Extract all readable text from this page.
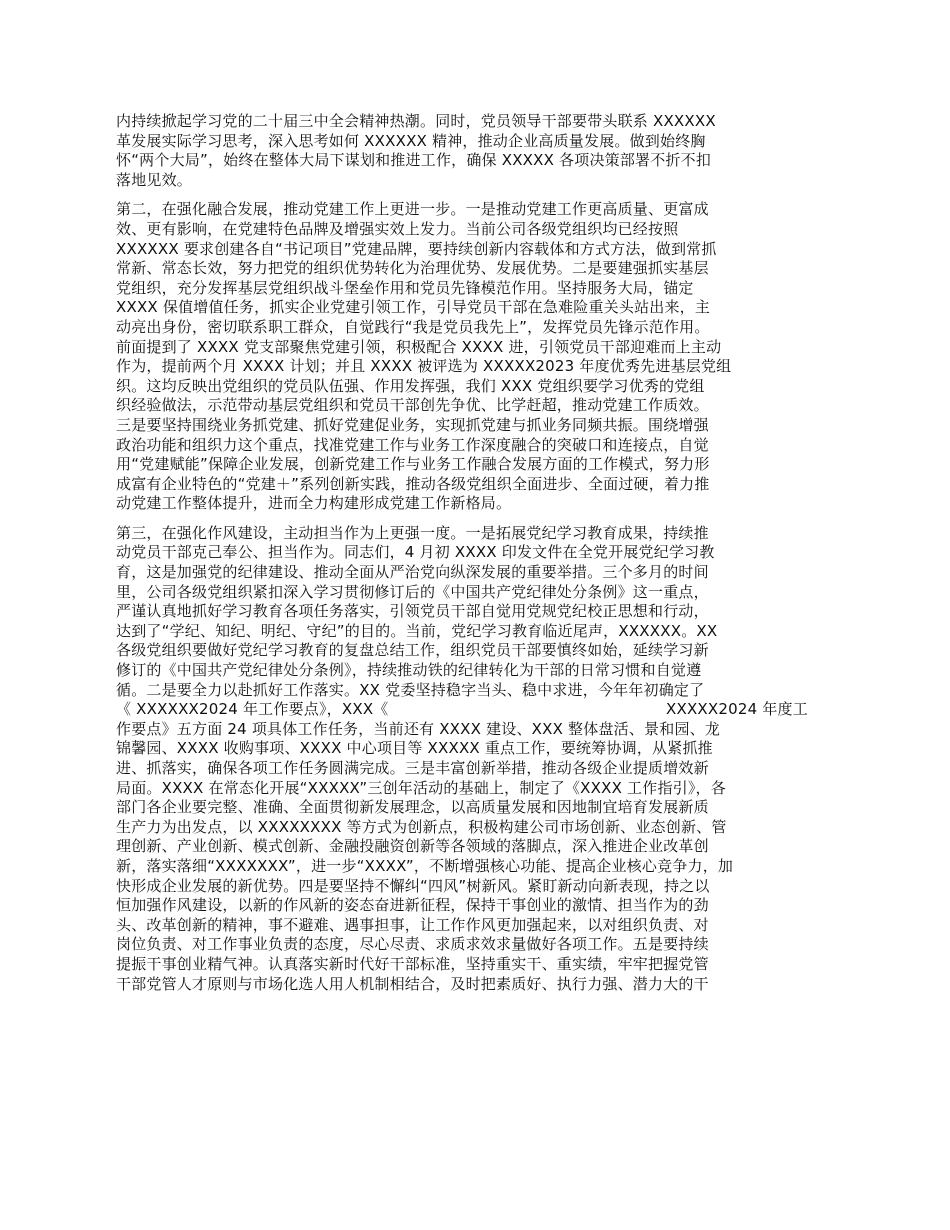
内持续掀起学习党的二十届三中全会精神热潮。同时，党员领导干部要带头联系 XXXXXX
革发展实际学习思考，深入思考如何 XXXXXX 精神，推动企业高质量发展。做到始终胸
怀“两个大局”，始终在整体大局下谋划和推进工作，确保 XXXXX 各项决策部署不折不扣
落地见效。
第二，在强化融合发展，推动党建工作上更进一步。一是推动党建工作更高质量、更富成
效、更有影响，在党建特色品牌及增强实效上发力。当前公司各级党组织均已经按照
XXXXXX 要求创建各自“书记项目”党建品牌，要持续创新内容载体和方式方法，做到常抓
常新、常态长效，努力把党的组织优势转化为治理优势、发展优势。二是要建强抓实基层
党组织，充分发挥基层党组织战斗堡垒作用和党员先锋模范作用。坚持服务大局，锚定
XXXX 保值增值任务，抓实企业党建引领工作，引导党员干部在急难险重关头站出来，主
动亮出身份，密切联系职工群众，自觉践行“我是党员我先上”，发挥党员先锋示范作用。
前面提到了 XXXX 党支部聚焦党建引领，积极配合 XXXX 进，引领党员干部迎难而上主动
作为，提前两个月 XXXX 计划；并且 XXXX 被评选为 XXXXX2023 年度优秀先进基层党组
织。这均反映出党组织的党员队伍强、作用发挥强，我们 XXX 党组织要学习优秀的党组
织经验做法，示范带动基层党组织和党员干部创先争优、比学赶超，推动党建工作质效。
三是要坚持围绕业务抓党建、抓好党建促业务，实现抓党建与抓业务同频共振。围绕增强
政治功能和组织力这个重点，找准党建工作与业务工作深度融合的突破口和连接点，自觉
用“党建赋能”保障企业发展，创新党建工作与业务工作融合发展方面的工作模式，努力形
成富有企业特色的“党建＋”系列创新实践，推动各级党组织全面进步、全面过硬，着力推
动党建工作整体提升，进而全力构建形成党建工作新格局。
第三，在强化作风建设，主动担当作为上更强一度。一是拓展党纪学习教育成果，持续推
动党员干部克己奉公、担当作为。同志们，4 月初 XXXX 印发文件在全党开展党纪学习教
育，这是加强党的纪律建设、推动全面从严治党向纵深发展的重要举措。三个多月的时间
里，公司各级党组织紧扣深入学习贯彻修订后的《中国共产党纪律处分条例》这一重点，
严谨认真地抓好学习教育各项任务落实，引领党员干部自觉用党规党纪校正思想和行动，
达到了“学纪、知纪、明纪、守纪”的目的。当前，党纪学习教育临近尾声，XXXXXX。XX
各级党组织要做好党纪学习教育的复盘总结工作，组织党员干部要慎终如始，延续学习新
修订的《中国共产党纪律处分条例》，持续推动铁的纪律转化为干部的日常习惯和自觉遵
循。二是要全力以赴抓好工作落实。XX 党委坚持稳字当头、稳中求进，今年年初确定了
《 XXXXXX2024 年工作要点》，XXX《	XXXXX2024 年度工
作要点》五方面 24 项具体工作任务，当前还有 XXXX 建设、XXX 整体盘活、景和园、龙
锦馨园、XXXX 收购事项、XXXX 中心项目等 XXXXX 重点工作，要统筹协调，从紧抓推
进、抓落实，确保各项工作任务圆满完成。三是丰富创新举措，推动各级企业提质增效新
局面。XXXX 在常态化开展“XXXXX”三创年活动的基础上，制定了《XXXX 工作指引》，各
部门各企业要完整、准确、全面贯彻新发展理念，以高质量发展和因地制宜培育发展新质
生产力为出发点，以 XXXXXXXX 等方式为创新点，积极构建公司市场创新、业态创新、管
理创新、产业创新、模式创新、金融投融资创新等各领域的落脚点，深入推进企业改革创
新，落实落细“XXXXXXX”，进一步“XXXX”，不断增强核心功能、提高企业核心竞争力，加
快形成企业发展的新优势。四是要坚持不懈纠“四风”树新风。紧盯新动向新表现，持之以
恒加强作风建设，以新的作风新的姿态奋进新征程，保持干事创业的激情、担当作为的劲
头、改革创新的精神，事不避难、遇事担事，让工作作风更加强起来，以对组织负责、对
岗位负责、对工作事业负责的态度，尽心尽责、求质求效求量做好各项工作。五是要持续
提振干事创业精气神。认真落实新时代好干部标准，坚持重实干、重实绩，牢牢把握党管
干部党管人才原则与市场化选人用人机制相结合，及时把素质好、执行力强、潜力大的干
